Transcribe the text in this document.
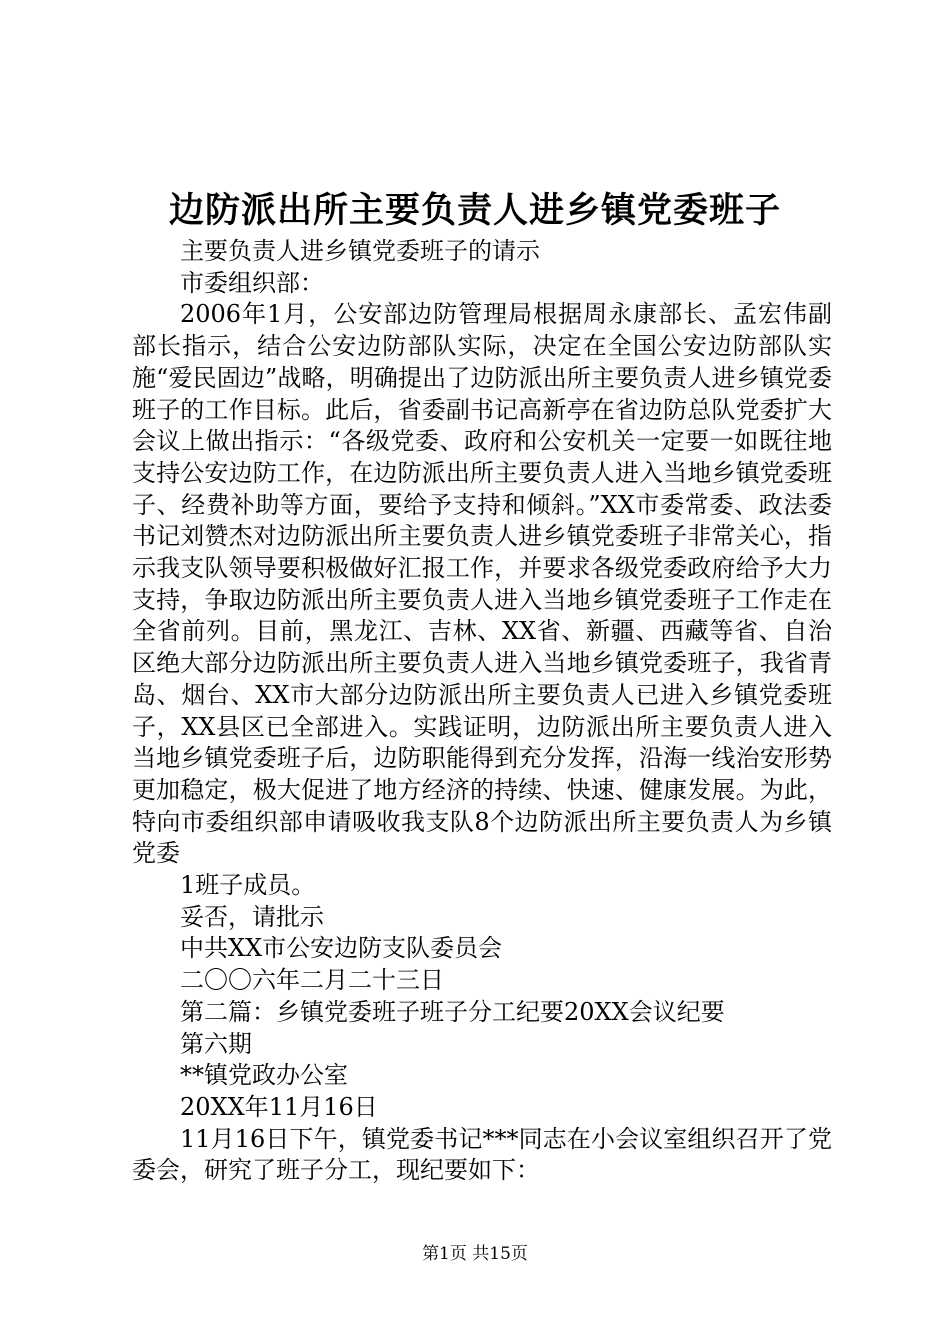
边防派出所主要负责人进乡镇党委班子

主要负责人进乡镇党委班子的请示

市委组织部：

2006年1月，公安部边防管理局根据周永康部长、孟宏伟副部长指示，结合公安边防部队实际，决定在全国公安边防部队实施“爱民固边”战略，明确提出了边防派出所主要负责人进乡镇党委班子的工作目标。此后，省委副书记高新亭在省边防总队党委扩大会议上做出指示：“各级党委、政府和公安机关一定要一如既往地支持公安边防工作，在边防派出所主要负责人进入当地乡镇党委班子、经费补助等方面，要给予支持和倾斜。”XX市委常委、政法委书记刘赞杰对边防派出所主要负责人进乡镇党委班子非常关心，指示我支队领导要积极做好汇报工作，并要求各级党委政府给予大力支持，争取边防派出所主要负责人进入当地乡镇党委班子工作走在全省前列。目前，黑龙江、吉林、XX省、新疆、西藏等省、自治区绝大部分边防派出所主要负责人进入当地乡镇党委班子，我省青岛、烟台、XX市大部分边防派出所主要负责人已进入乡镇党委班子，XX县区已全部进入。实践证明，边防派出所主要负责人进入当地乡镇党委班子后，边防职能得到充分发挥，沿海一线治安形势更加稳定，极大促进了地方经济的持续、快速、健康发展。为此，特向市委组织部申请吸收我支队8个边防派出所主要负责人为乡镇党委

1班子成员。

妥否，请批示

中共XX市公安边防支队委员会

二〇〇六年二月二十三日

第二篇：乡镇党委班子班子分工纪要20XX会议纪要

第六期

**镇党政办公室

20XX年11月16日

11月16日下午，镇党委书记***同志在小会议室组织召开了党委会，研究了班子分工，现纪要如下：

第1页 共15页
